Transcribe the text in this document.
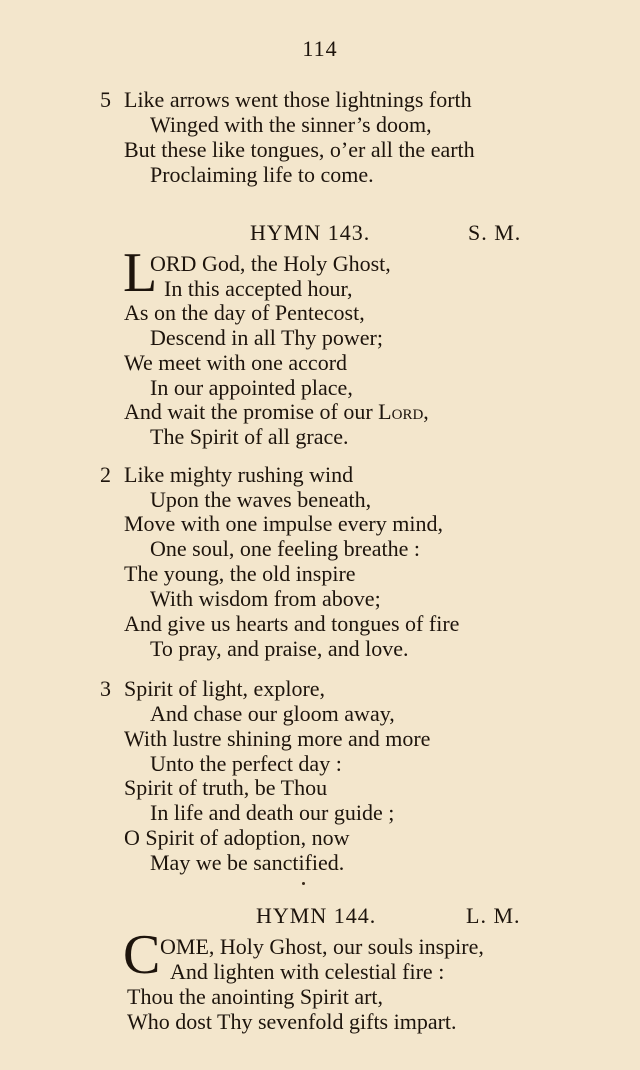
114
5 Like arrows went those lightnings forth
Winged with the sinner’s doom,
But these like tongues, o’er all the earth
Proclaiming life to come.
HYMN 143.	S. M.
L
ORD God, the Holy Ghost,
In this accepted hour,
As on the day of Pentecost,
Descend in all Thy power;
We meet with one accord
In our appointed place,
And wait the promise of our Lord,
The Spirit of all grace.
2 Like mighty rushing wind
Upon the waves beneath,
Move with one impulse every mind,
One soul, one feeling breathe :
The young, the old inspire
With wisdom from above;
And give us hearts and tongues of fire
To pray, and praise, and love.
3 Spirit of light, explore,
And chase our gloom away,
With lustre shining more and more
Unto the perfect day :
Spirit of truth, be Thou
In life and death our guide ;
O Spirit of adoption, now
May we be sanctified.
HYMN 144.	L. M.
C OME, Holy Ghost, our souls inspire,
And lighten with celestial fire :
Thou the anointing Spirit art,
Who dost Thy sevenfold gifts impart.
